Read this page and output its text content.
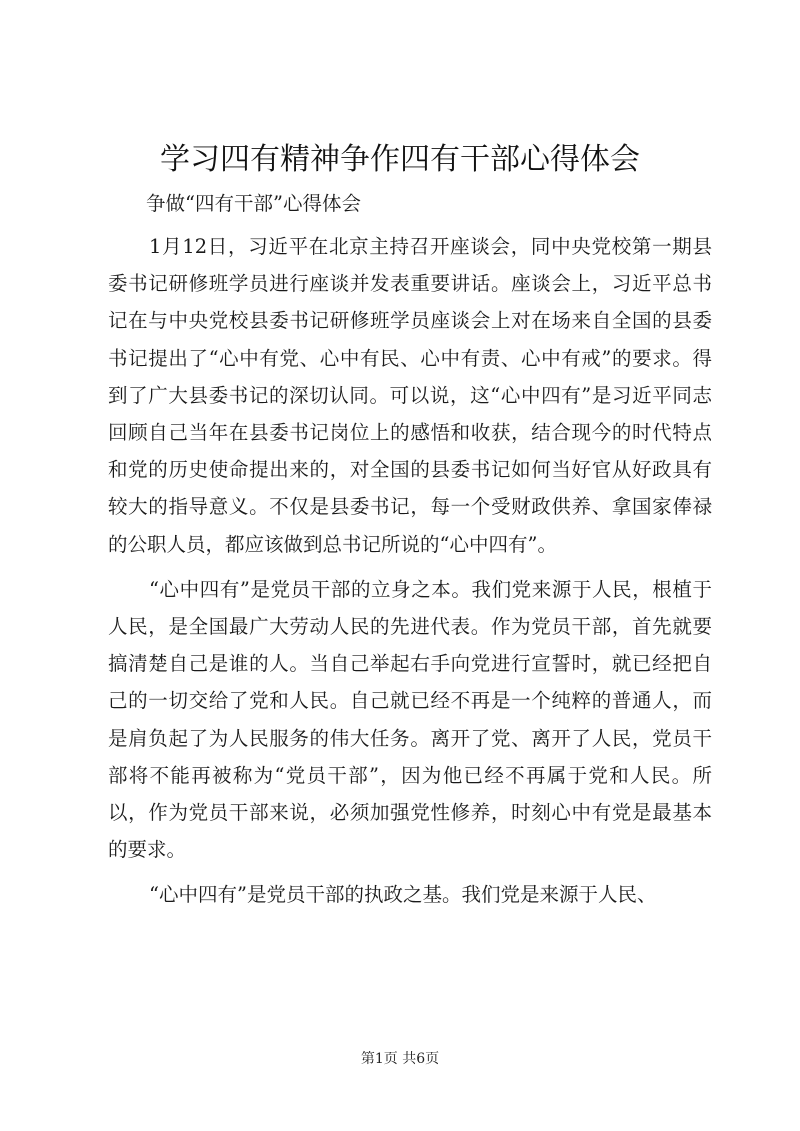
学习四有精神争作四有干部心得体会
争做“四有干部”心得体会

1月12日，习近平在北京主持召开座谈会，同中央党校第一期县委书记研修班学员进行座谈并发表重要讲话。座谈会上，习近平总书记在与中央党校县委书记研修班学员座谈会上对在场来自全国的县委书记提出了“心中有党、心中有民、心中有责、心中有戒”的要求。得到了广大县委书记的深切认同。可以说，这“心中四有”是习近平同志回顾自己当年在县委书记岗位上的感悟和收获，结合现今的时代特点和党的历史使命提出来的，对全国的县委书记如何当好官从好政具有较大的指导意义。不仅是县委书记，每一个受财政供养、拿国家俸禄的公职人员，都应该做到总书记所说的“心中四有”。

“心中四有”是党员干部的立身之本。我们党来源于人民，根植于人民，是全国最广大劳动人民的先进代表。作为党员干部，首先就要搞清楚自己是谁的人。当自己举起右手向党进行宣誓时，就已经把自己的一切交给了党和人民。自己就已经不再是一个纯粹的普通人，而是肩负起了为人民服务的伟大任务。离开了党、离开了人民，党员干部将不能再被称为“党员干部”，因为他已经不再属于党和人民。所以，作为党员干部来说，必须加强党性修养，时刻心中有党是最基本的要求。

“心中四有”是党员干部的执政之基。我们党是来源于人民、

第1页 共6页
